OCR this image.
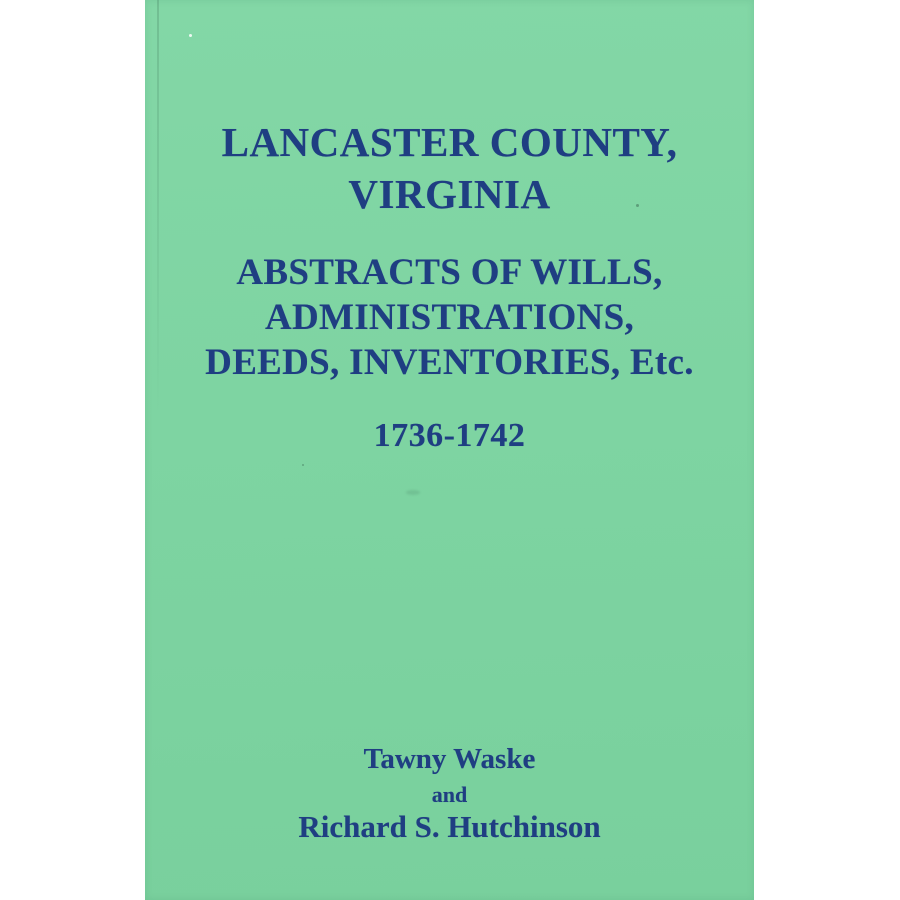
LANCASTER COUNTY,
VIRGINIA
ABSTRACTS OF WILLS,
ADMINISTRATIONS,
DEEDS, INVENTORIES, Etc.
1736-1742
Tawny Waske
and
Richard S. Hutchinson
